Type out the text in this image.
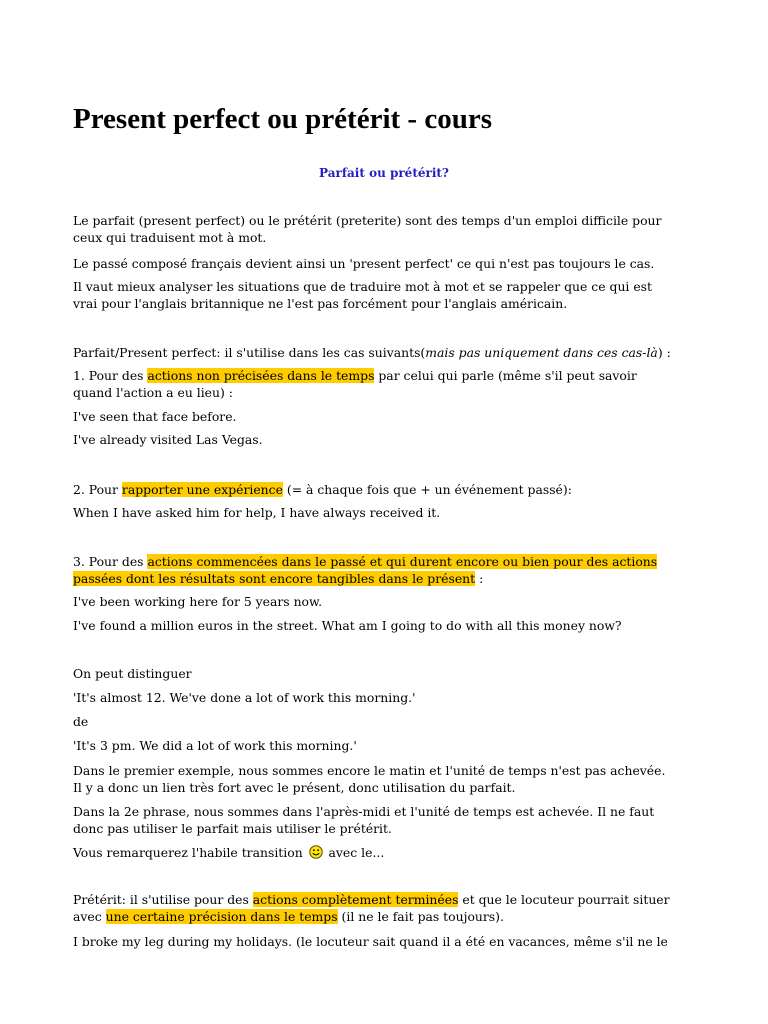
Present perfect ou prétérit - cours

Parfait ou prétérit?

Le parfait (present perfect) ou le prétérit (preterite) sont des temps d'un emploi difficile pour
ceux qui traduisent mot à mot.

Le passé composé français devient ainsi un 'present perfect' ce qui n'est pas toujours le cas.

Il vaut mieux analyser les situations que de traduire mot à mot et se rappeler que ce qui est
vrai pour l'anglais britannique ne l'est pas forcément pour l'anglais américain.

Parfait/Present perfect: il s'utilise dans les cas suivants(mais pas uniquement dans ces cas-là) :

1. Pour des actions non précisées dans le temps par celui qui parle (même s'il peut savoir
quand l'action a eu lieu) :

I've seen that face before.

I've already visited Las Vegas.

2. Pour rapporter une expérience (= à chaque fois que + un événement passé):

When I have asked him for help, I have always received it.

3. Pour des actions commencées dans le passé et qui durent encore ou bien pour des actions
passées dont les résultats sont encore tangibles dans le présent :

I've been working here for 5 years now.

I've found a million euros in the street. What am I going to do with all this money now?

On peut distinguer

'It's almost 12. We've done a lot of work this morning.'

de

'It's 3 pm. We did a lot of work this morning.'

Dans le premier exemple, nous sommes encore le matin et l'unité de temps n'est pas achevée.
Il y a donc un lien très fort avec le présent, donc utilisation du parfait.

Dans la 2e phrase, nous sommes dans l'après-midi et l'unité de temps est achevée. Il ne faut
donc pas utiliser le parfait mais utiliser le prétérit.

Vous remarquerez l'habile transition  avec le...

Prétérit: il s'utilise pour des actions complètement terminées et que le locuteur pourrait situer
avec une certaine précision dans le temps (il ne le fait pas toujours).

I broke my leg during my holidays. (le locuteur sait quand il a été en vacances, même s'il ne le
